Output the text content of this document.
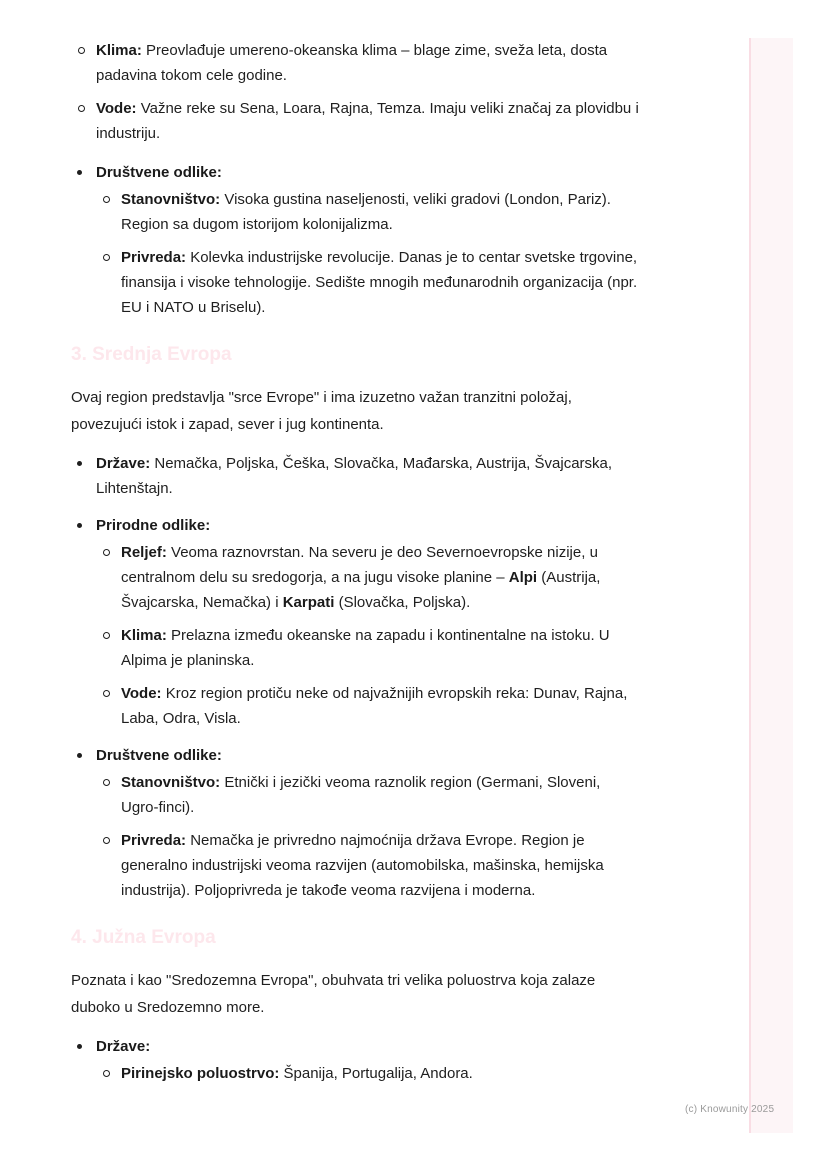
Klima: Preovlađuje umereno-okeanska klima – blage zime, sveža leta, dosta padavina tokom cele godine.
Vode: Važne reke su Sena, Loara, Rajna, Temza. Imaju veliki značaj za plovidbu i industriju.
Društvene odlike:
Stanovništvo: Visoka gustina naseljenosti, veliki gradovi (London, Pariz). Region sa dugom istorijom kolonijalizma.
Privreda: Kolevka industrijske revolucije. Danas je to centar svetske trgovine, finansija i visoke tehnologije. Sedište mnogih međunarodnih organizacija (npr. EU i NATO u Briselu).
3. Srednja Evropa

Ovaj region predstavlja "srce Evrope" i ima izuzetno važan tranzitni položaj, povezujući istok i zapad, sever i jug kontinenta.

Države: Nemačka, Poljska, Češka, Slovačka, Mađarska, Austrija, Švajcarska, Lihtenštajn.
Prirodne odlike:
Reljef: Veoma raznovrstan. Na severu je deo Severnoevropske nizije, u centralnom delu su sredogorja, a na jugu visoke planine – Alpi (Austrija, Švajcarska, Nemačka) i Karpati (Slovačka, Poljska).
Klima: Prelazna između okeanske na zapadu i kontinentalne na istoku. U Alpima je planinska.
Vode: Kroz region protiču neke od najvažnijih evropskih reka: Dunav, Rajna, Laba, Odra, Visla.
Društvene odlike:
Stanovništvo: Etnički i jezički veoma raznolik region (Germani, Sloveni, Ugro-finci).
Privreda: Nemačka je privredno najmoćnija država Evrope. Region je generalno industrijski veoma razvijen (automobilska, mašinska, hemijska industrija). Poljoprivreda je takođe veoma razvijena i moderna.
4. Južna Evropa

Poznata i kao "Sredozemna Evropa", obuhvata tri velika poluostrva koja zalaze duboko u Sredozemno more.

Države:
Pirinejsko poluostrvo: Španija, Portugalija, Andora.
(c) Knowunity 2025
